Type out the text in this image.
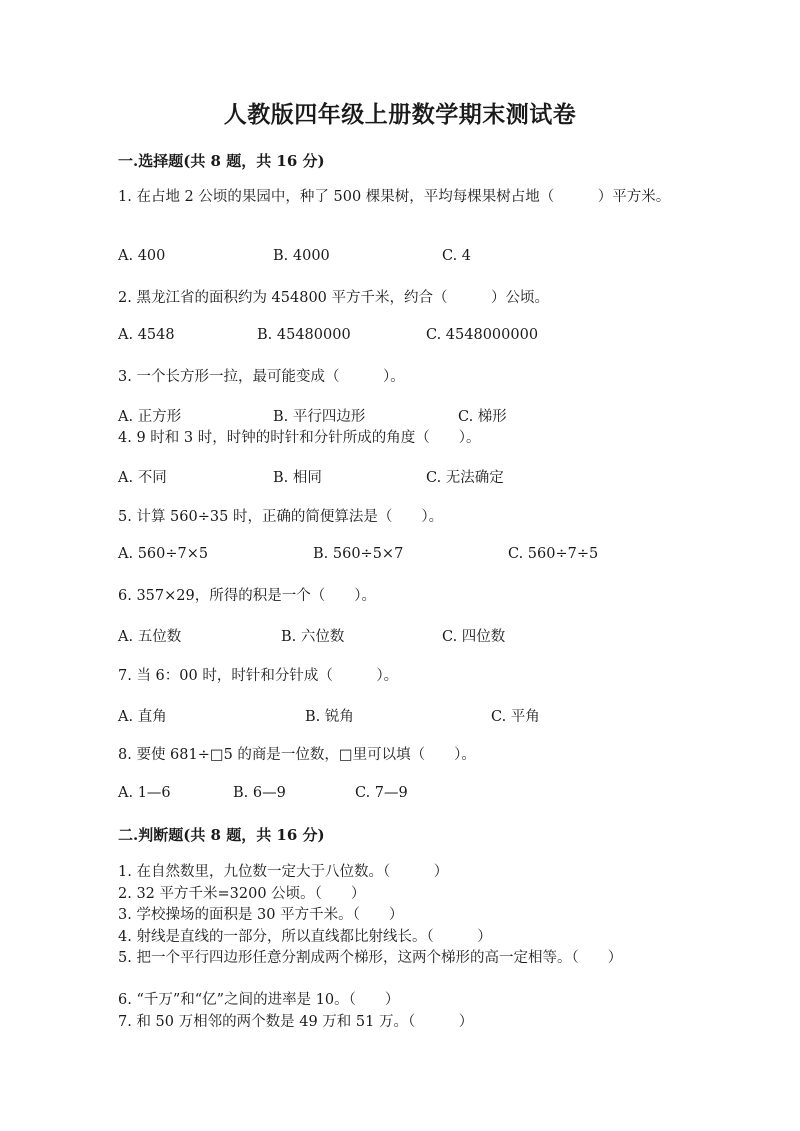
人教版四年级上册数学期末测试卷
一.选择题(共 8 题，共 16 分)
1. 在占地 2 公顷的果园中，种了 500 棵果树，平均每棵果树占地（　　　）平方米。
A. 400	B. 4000	C. 4
2. 黑龙江省的面积约为 454800 平方千米，约合（　　　）公顷。
A. 4548	B. 45480000	C. 4548000000
3. 一个长方形一拉，最可能变成（　　　）。
A. 正方形	B. 平行四边形	C. 梯形
4. 9 时和 3 时，时钟的时针和分针所成的角度（　　）。
A. 不同	B. 相同	C. 无法确定
5. 计算 560÷35 时，正确的简便算法是（　　）。
A. 560÷7×5	B. 560÷5×7	C. 560÷7÷5
6. 357×29，所得的积是一个（　　）。
A. 五位数	B. 六位数	C. 四位数
7. 当 6：00 时，时针和分针成（　　　）。
A. 直角	B. 锐角	C. 平角
8. 要使 681÷□5 的商是一位数，□里可以填（　　）。
A. 1—6	B. 6—9	C. 7—9
二.判断题(共 8 题，共 16 分)
1. 在自然数里，九位数一定大于八位数。（　　　）
2. 32 平方千米=3200 公顷。（　　）
3. 学校操场的面积是 30 平方千米。（　　）
4. 射线是直线的一部分，所以直线都比射线长。（　　　）
5. 把一个平行四边形任意分割成两个梯形，这两个梯形的高一定相等。（　　）
6. “千万”和“亿”之间的进率是 10。（　　）
7. 和 50 万相邻的两个数是 49 万和 51 万。（　　　）
